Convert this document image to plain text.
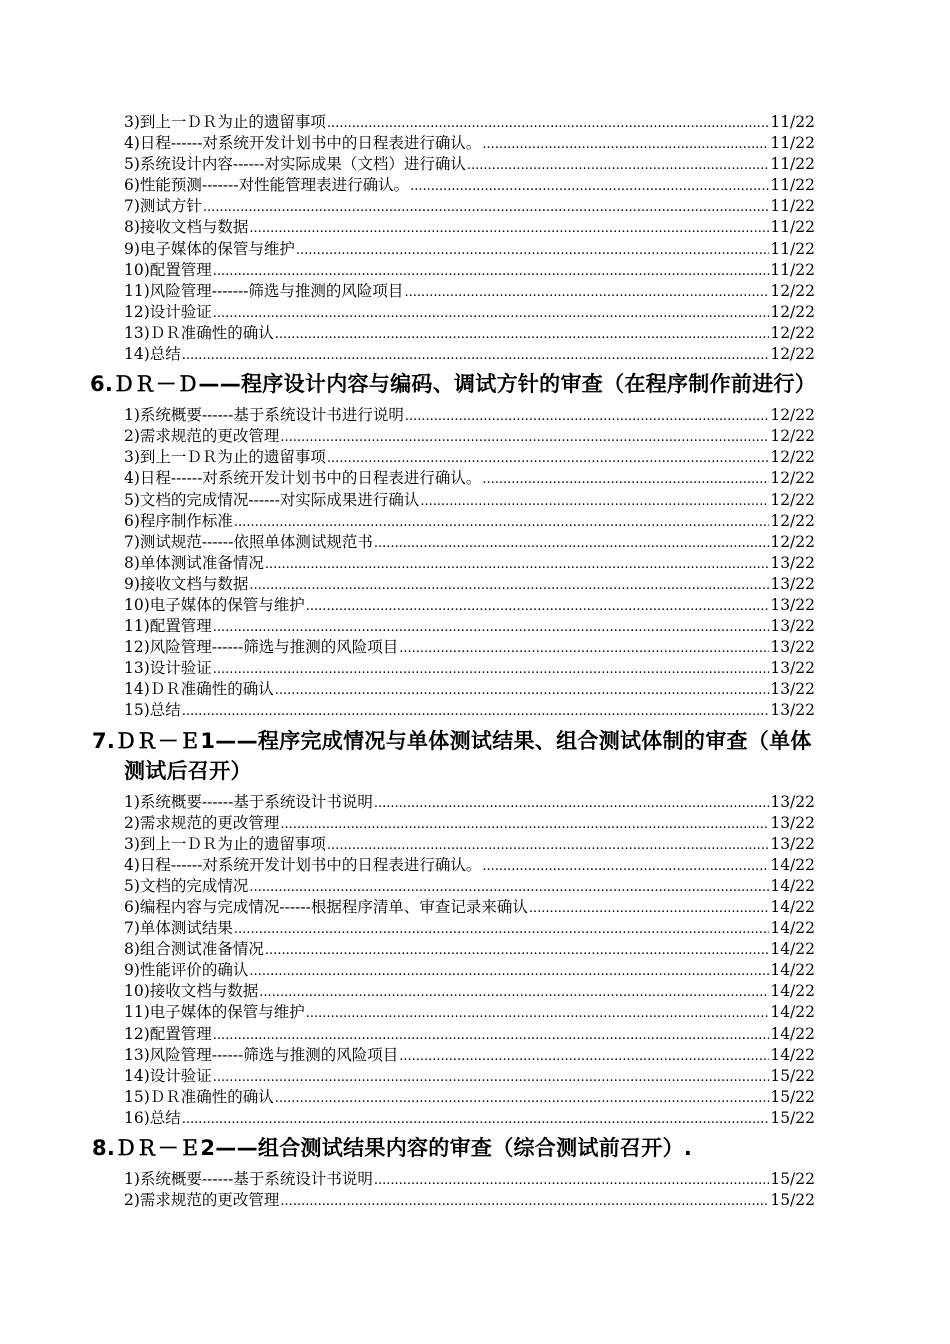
3)到上一ＤＲ为止的遗留事项 .....	11/22
4)日程------对系统开发计划书中的日程表进行确认。 .....	11/22
5)系统设计内容------对实际成果（文档）进行确认 .....	11/22
6)性能预测-------对性能管理表进行确认。 .....	11/22
7)测试方针 .....	11/22
8)接收文档与数据 .....	11/22
9)电子媒体的保管与维护 .....	11/22
10)配置管理 .....	11/22
11)风险管理-------筛选与推测的风险项目 .....	12/22
12)设计验证 .....	12/22
13)ＤＲ准确性的确认 .....	12/22
14)总结 .....	12/22
6.ＤＲ－Ｄ——程序设计内容与编码、调试方针的审查（在程序制作前进行）
1)系统概要------基于系统设计书进行说明 .....	12/22
2)需求规范的更改管理 .....	12/22
3)到上一ＤＲ为止的遗留事项 .....	12/22
4)日程------对系统开发计划书中的日程表进行确认。 .....	12/22
5)文档的完成情况------对实际成果进行确认 .....	12/22
6)程序制作标准 .....	12/22
7)测试规范------依照单体测试规范书 .....	12/22
8)单体测试准备情况 .....	13/22
9)接收文档与数据 .....	13/22
10)电子媒体的保管与维护 .....	13/22
11)配置管理 .....	13/22
12)风险管理------筛选与推测的风险项目 .....	13/22
13)设计验证 .....	13/22
14)ＤＲ准确性的确认 .....	13/22
15)总结 .....	13/22
7.ＤＲ－Ｅ1——程序完成情况与单体测试结果、组合测试体制的审查（单体测试后召开）
1)系统概要------基于系统设计书说明 .....	13/22
2)需求规范的更改管理 .....	13/22
3)到上一ＤＲ为止的遗留事项 .....	13/22
4)日程------对系统开发计划书中的日程表进行确认。 .....	14/22
5)文档的完成情况 .....	14/22
6)编程内容与完成情况------根据程序清单、审查记录来确认 .....	14/22
7)单体测试结果 .....	14/22
8)组合测试准备情况 .....	14/22
9)性能评价的确认 .....	14/22
10)接收文档与数据 .....	14/22
11)电子媒体的保管与维护 .....	14/22
12)配置管理 .....	14/22
13)风险管理------筛选与推测的风险项目 .....	14/22
14)设计验证 .....	15/22
15)ＤＲ准确性的确认 .....	15/22
16)总结 .....	15/22
8.ＤＲ－Ｅ2——组合测试结果内容的审查（综合测试前召开）.
1)系统概要------基于系统设计书说明 .....	15/22
2)需求规范的更改管理 .....	15/22
